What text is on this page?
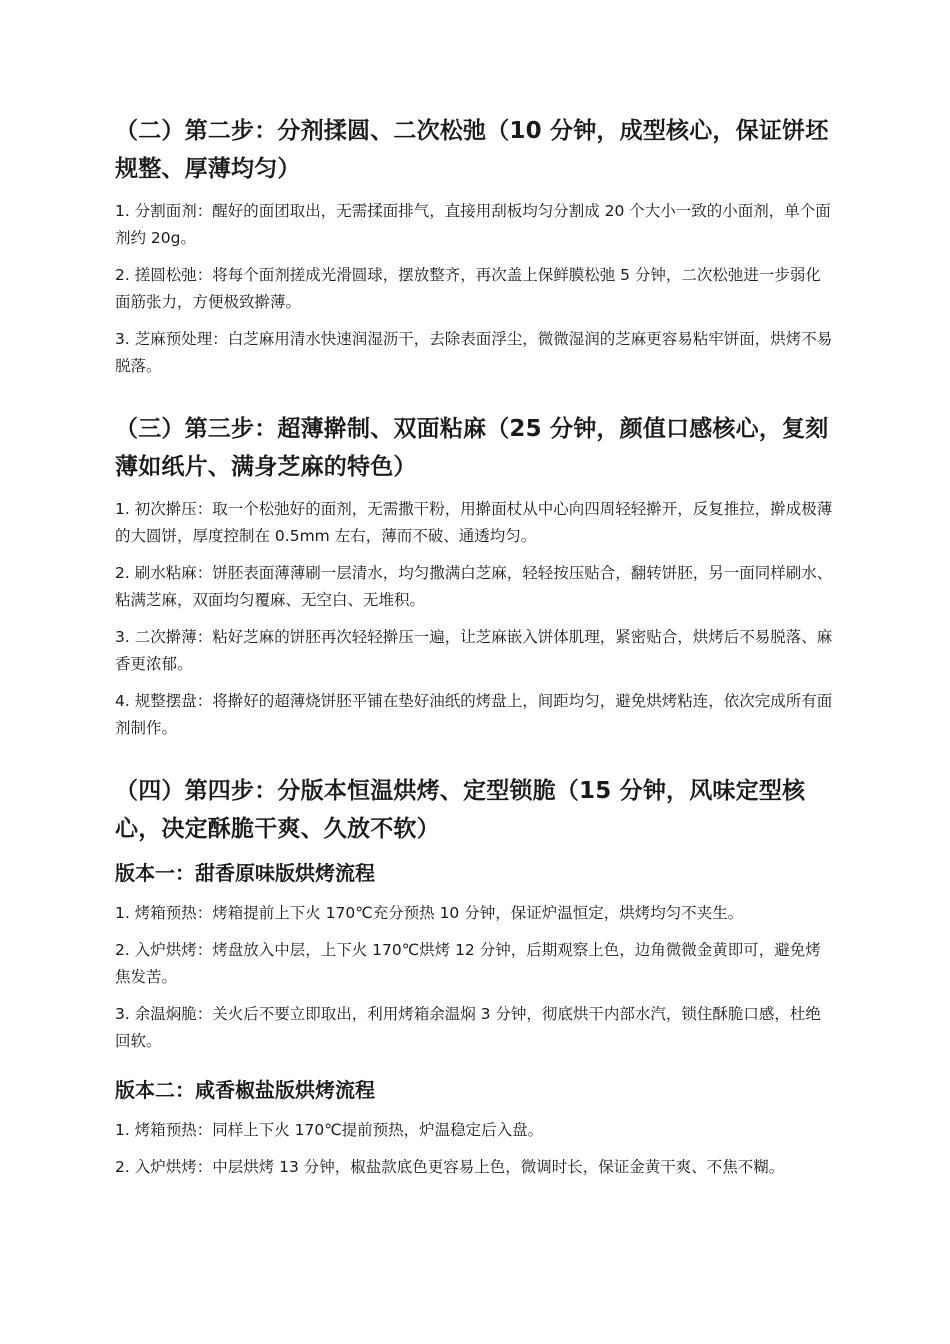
（二）第二步：分剂揉圆、二次松弛（10 分钟，成型核心，保证饼坯规整、厚薄均匀）

1. 分割面剂：醒好的面团取出，无需揉面排气，直接用刮板均匀分割成 20 个大小一致的小面剂，单个面剂约 20g。

2. 搓圆松弛：将每个面剂搓成光滑圆球，摆放整齐，再次盖上保鲜膜松弛 5 分钟，二次松弛进一步弱化面筋张力，方便极致擀薄。

3. 芝麻预处理：白芝麻用清水快速润湿沥干，去除表面浮尘，微微湿润的芝麻更容易粘牢饼面，烘烤不易脱落。

（三）第三步：超薄擀制、双面粘麻（25 分钟，颜值口感核心，复刻薄如纸片、满身芝麻的特色）

1. 初次擀压：取一个松弛好的面剂，无需撒干粉，用擀面杖从中心向四周轻轻擀开，反复推拉，擀成极薄的大圆饼，厚度控制在 0.5mm 左右，薄而不破、通透均匀。

2. 刷水粘麻：饼胚表面薄薄刷一层清水，均匀撒满白芝麻，轻轻按压贴合，翻转饼胚，另一面同样刷水、粘满芝麻，双面均匀覆麻、无空白、无堆积。

3. 二次擀薄：粘好芝麻的饼胚再次轻轻擀压一遍，让芝麻嵌入饼体肌理，紧密贴合，烘烤后不易脱落、麻香更浓郁。

4. 规整摆盘：将擀好的超薄烧饼胚平铺在垫好油纸的烤盘上，间距均匀，避免烘烤粘连，依次完成所有面剂制作。

（四）第四步：分版本恒温烘烤、定型锁脆（15 分钟，风味定型核心，决定酥脆干爽、久放不软）
版本一：甜香原味版烘烤流程

1. 烤箱预热：烤箱提前上下火 170℃充分预热 10 分钟，保证炉温恒定，烘烤均匀不夹生。

2. 入炉烘烤：烤盘放入中层，上下火 170℃烘烤 12 分钟，后期观察上色，边角微微金黄即可，避免烤焦发苦。

3. 余温焖脆：关火后不要立即取出，利用烤箱余温焖 3 分钟，彻底烘干内部水汽，锁住酥脆口感，杜绝回软。

版本二：咸香椒盐版烘烤流程

1. 烤箱预热：同样上下火 170℃提前预热，炉温稳定后入盘。

2. 入炉烘烤：中层烘烤 13 分钟，椒盐款底色更容易上色，微调时长，保证金黄干爽、不焦不糊。
